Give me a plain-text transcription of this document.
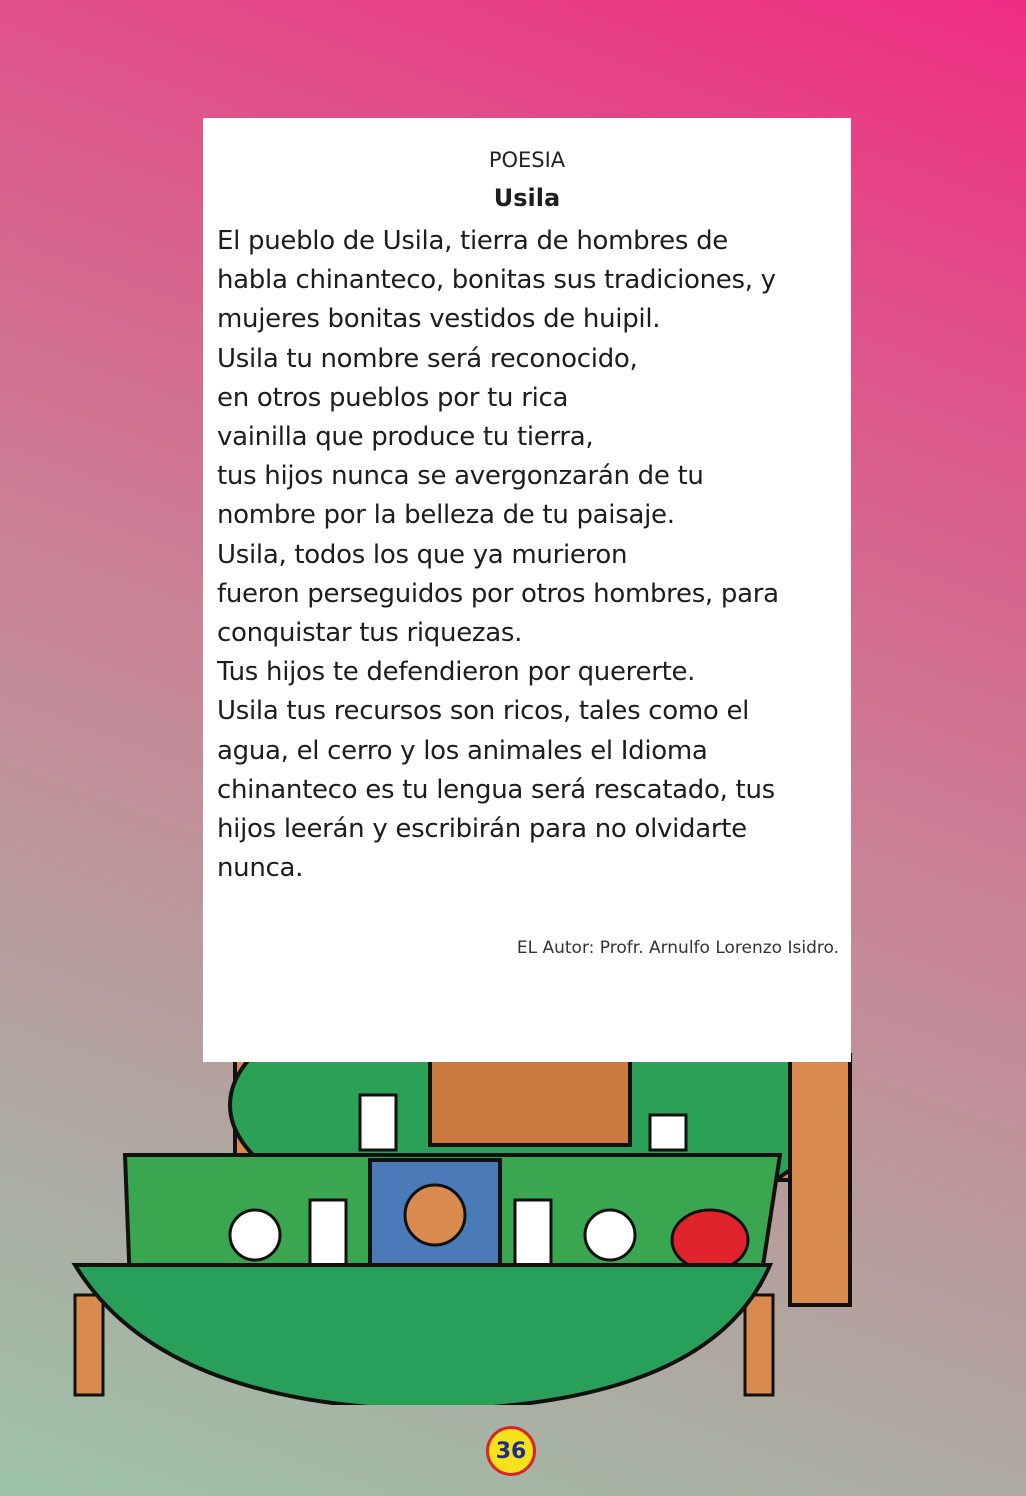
POESIA
Usila
El pueblo de Usila, tierra de hombres de
habla chinanteco, bonitas sus tradiciones, y
mujeres bonitas vestidos de huipil.
Usila tu nombre será reconocido,
en otros pueblos por tu rica
vainilla que produce tu tierra,
tus hijos nunca se avergonzarán de tu
nombre por la belleza de tu paisaje.
Usila, todos los que ya murieron
fueron perseguidos por otros hombres, para
conquistar tus riquezas.
Tus hijos te defendieron por quererte.
Usila tus recursos son ricos, tales como el
agua, el cerro y los animales el Idioma
chinanteco es tu lengua será rescatado, tus
hijos leerán y escribirán para no olvidarte
nunca.
EL Autor: Profr. Arnulfo Lorenzo Isidro.
36
